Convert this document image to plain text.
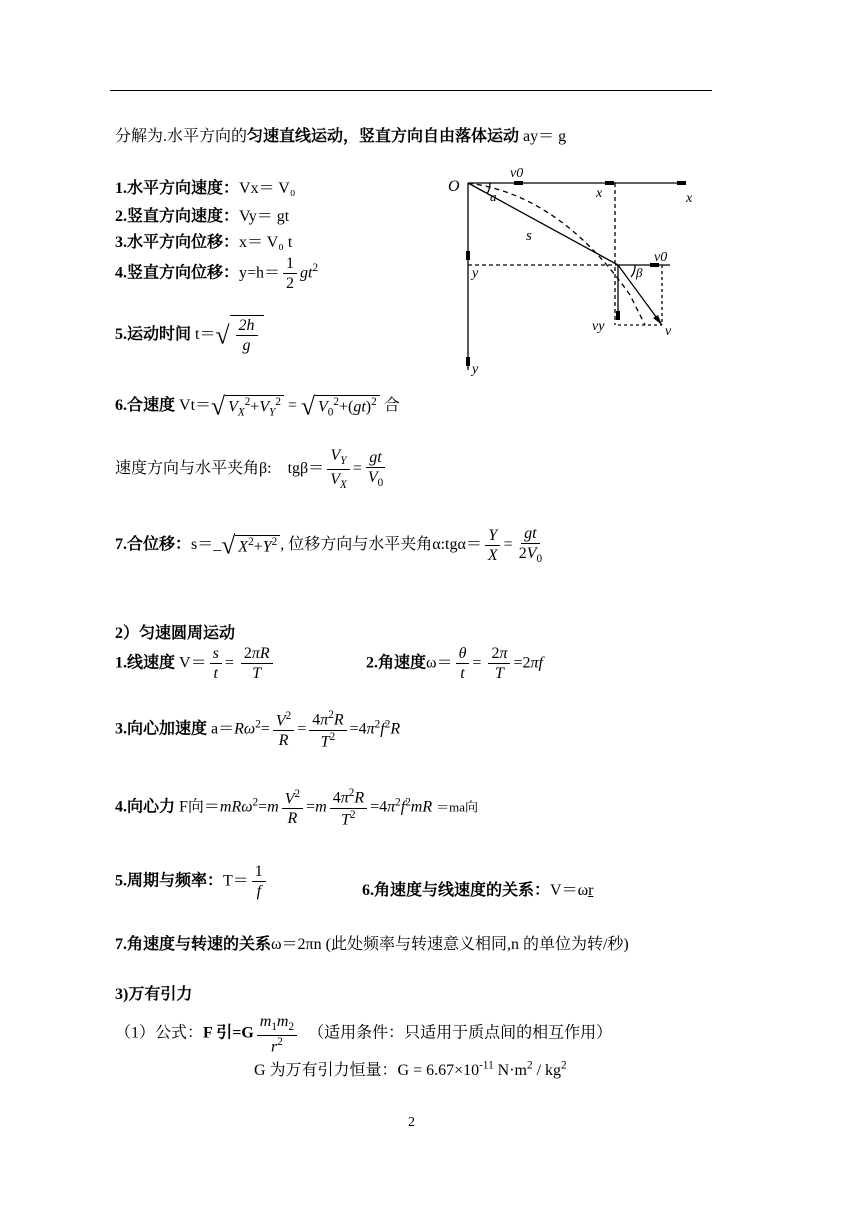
分解为.水平方向的匀速直线运动，竖直方向自由落体运动 ay＝ g
1.水平方向速度：Vx＝ V₀
2.竖直方向速度：Vy＝ gt
3.水平方向位移：x＝ V₀ t
4.竖直方向位移：$y=h= \frac{1}{2} gt^2$
5.运动时间 $t=√ \frac{2h}{g}$
6.合速度 Vt＝√ $V_X^2+V_Y^2$ = √ $V_0^2+(gt)^2$ 合
速度方向与水平夹角β: $tg\beta= \frac{V_Y}{V_X} = \frac{gt}{V_0}$
7.合位移：s＝_√ $X^2+Y^2$ , 位移方向与水平夹角α:tgα＝ $\frac{Y}{X} = \frac{gt}{2V_0}$
2）匀速圆周运动
1.线速度 $V= \frac{s}{t} = \frac{2\pi R}{T}$	2.角速度$\omega= \frac{\theta}{t} = \frac{2\pi}{T} =2\pi f$
3.向心加速度 $a=R\omega^2= \frac{V^2}{R} = \frac{4\pi^2R}{T^2} =4\pi^2f^2R$
4.向心力 F向$=mR\omega^2=m \frac{V^2}{R} =m \frac{4\pi^2R}{T^2} =4\pi^2f^2mR =ma$向
5.周期与频率：$T= \frac{1}{f}$	6.角速度与线速度的关系：V＝ωr
7.角速度与转速的关系ω＝2πn (此处频率与转速意义相同,n 的单位为转/秒)
3)万有引力
（1）公式：F 引$=G \frac{m_1m_2}{r^2}$ （适用条件：只适用于质点间的相互作用）
G 为万有引力恒量：$G = 6.67\times 10^{-11}$ $N\cdot m^2 / kg^2$
2
O
v0
x	x
a
s
y
v0
β
vy	v
y
